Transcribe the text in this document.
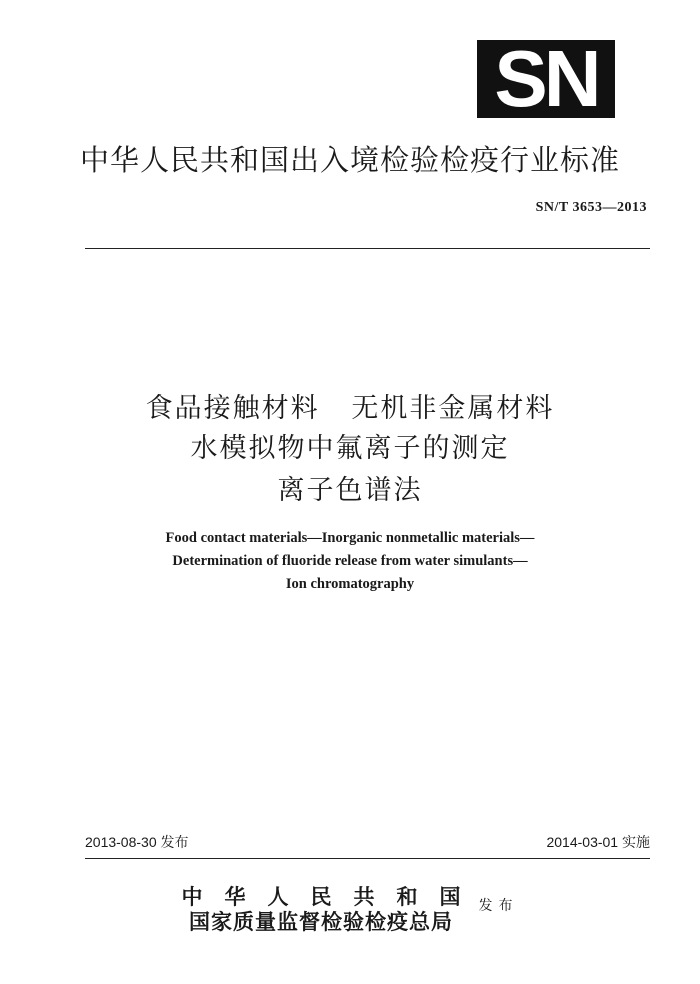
SN
中华人民共和国出入境检验检疫行业标准
SN/T 3653—2013
食品接触材料   无机非金属材料
水模拟物中氟离子的测定
离子色谱法
Food contact materials—Inorganic nonmetallic materials—
Determination of fluoride release from water simulants—
Ion chromatography
2013-08-30 发布	2014-03-01 实施
中华人民共和国
国家质量监督检验检疫总局
发布
